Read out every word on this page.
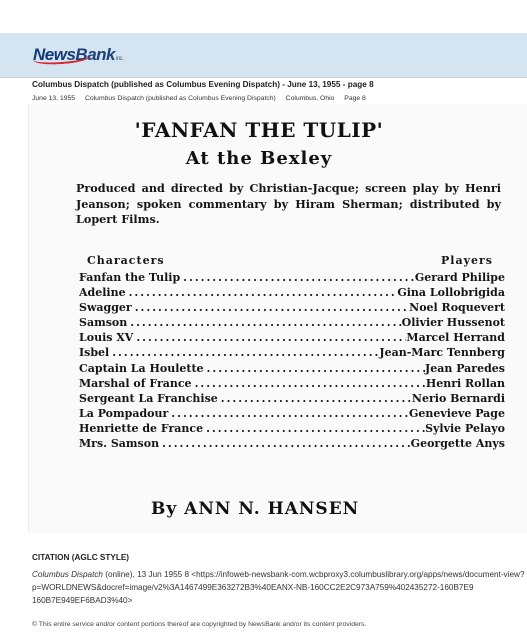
NewsBankinc.
Columbus Dispatch (published as Columbus Evening Dispatch) - June 13, 1955 - page 8
June 13, 1955 Columbus Dispatch (published as Columbus Evening Dispatch) Columbus, Ohio Page 8
'FANFAN THE TULIP'
At the Bexley
Produced and directed by Christian-Jacque; screen play by Henri Jeanson; spoken commentary by Hiram Sherman; distributed by Lopert Films.
Characters	Players
Fanfan the Tulip .....	Gerard Philipe
Adeline .....	Gina Lollobrigida
Swagger .....	Noel Roquevert
Samson .....	Olivier Hussenot
Louis XV .....	Marcel Herrand
Isbel .....	Jean-Marc Tennberg
Captain La Houlette .....	Jean Paredes
Marshal of France .....	Henri Rollan
Sergeant La Franchise .....	Nerio Bernardi
La Pompadour .....	Genevieve Page
Henriette de France .....	Sylvie Pelayo
Mrs. Samson .....	Georgette Anys
By ANN N. HANSEN
CITATION (AGLC STYLE)
Columbus Dispatch (online), 13 Jun 1955 8 <https://infoweb-newsbank-com.wcbproxy3.columbuslibrary.org/apps/news/document-view?
p=WORLDNEWS&docref=image/v2%3A1467499E363272B3%40EANX-NB-160CC2E2C973A759%402435272-160B7E9
160B7E949EF6BAD3%40>
© This entire service and/or content portions thereof are copyrighted by NewsBank and/or its content providers.
